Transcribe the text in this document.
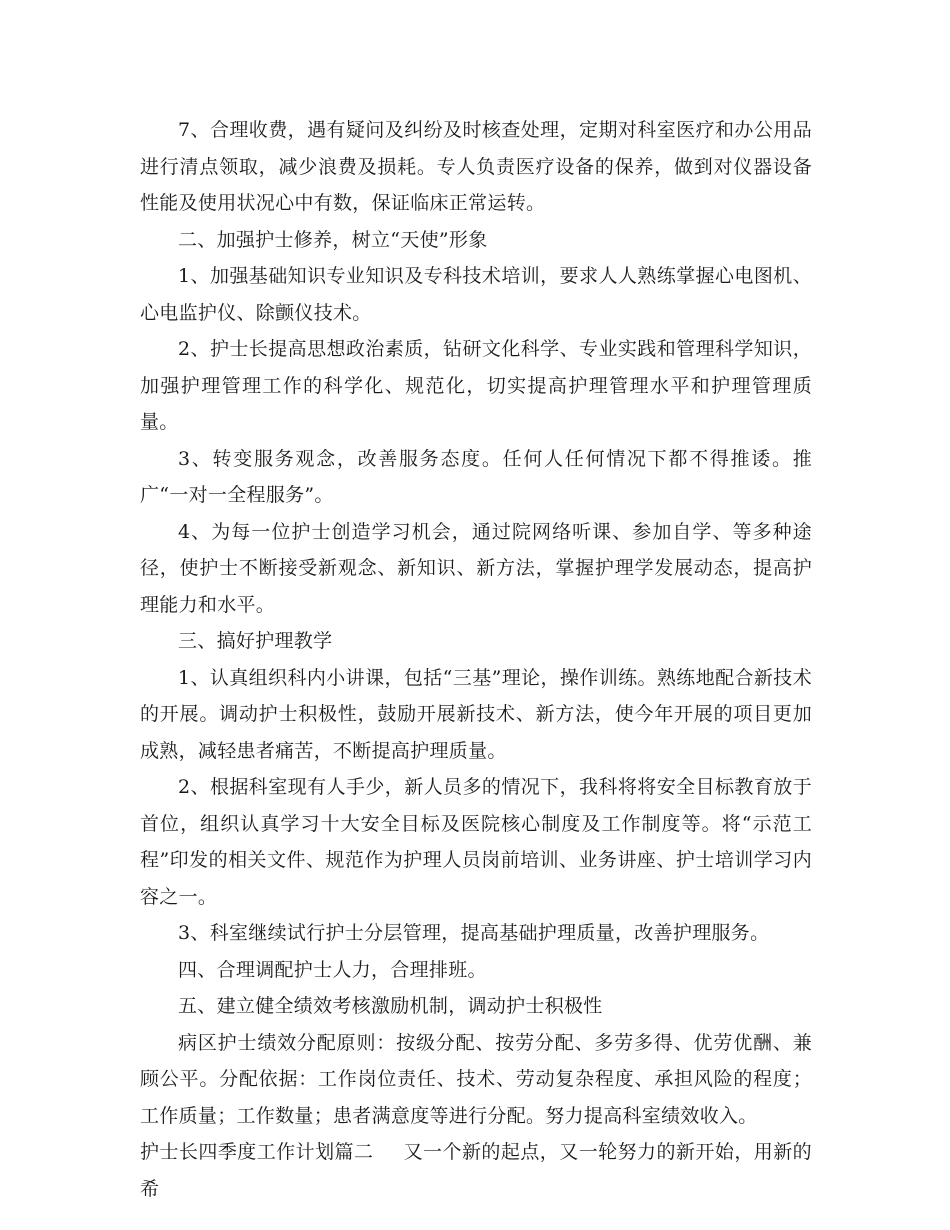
7、合理收费，遇有疑问及纠纷及时核查处理，定期对科室医疗和办公用品进行清点领取，减少浪费及损耗。专人负责医疗设备的保养，做到对仪器设备性能及使用状况心中有数，保证临床正常运转。

二、加强护士修养，树立“天使”形象

1、加强基础知识专业知识及专科技术培训，要求人人熟练掌握心电图机、心电监护仪、除颤仪技术。

2、护士长提高思想政治素质，钻研文化科学、专业实践和管理科学知识，加强护理管理工作的科学化、规范化，切实提高护理管理水平和护理管理质量。

3、转变服务观念，改善服务态度。任何人任何情况下都不得推诿。推广“一对一全程服务”。

4、为每一位护士创造学习机会，通过院网络听课、参加自学、等多种途径，使护士不断接受新观念、新知识、新方法，掌握护理学发展动态，提高护理能力和水平。

三、搞好护理教学

1、认真组织科内小讲课，包括“三基”理论，操作训练。熟练地配合新技术的开展。调动护士积极性，鼓励开展新技术、新方法，使今年开展的项目更加成熟，减轻患者痛苦，不断提高护理质量。

2、根据科室现有人手少，新人员多的情况下，我科将将安全目标教育放于首位，组织认真学习十大安全目标及医院核心制度及工作制度等。将“示范工程”印发的相关文件、规范作为护理人员岗前培训、业务讲座、护士培训学习内容之一。

3、科室继续试行护士分层管理，提高基础护理质量，改善护理服务。

四、合理调配护士人力，合理排班。

五、建立健全绩效考核激励机制，调动护士积极性

病区护士绩效分配原则：按级分配、按劳分配、多劳多得、优劳优酬、兼顾公平。分配依据：工作岗位责任、技术、劳动复杂程度、承担风险的程度；工作质量；工作数量；患者满意度等进行分配。努力提高科室绩效收入。

护士长四季度工作计划篇二 又一个新的起点，又一轮努力的新开始，用新的希
